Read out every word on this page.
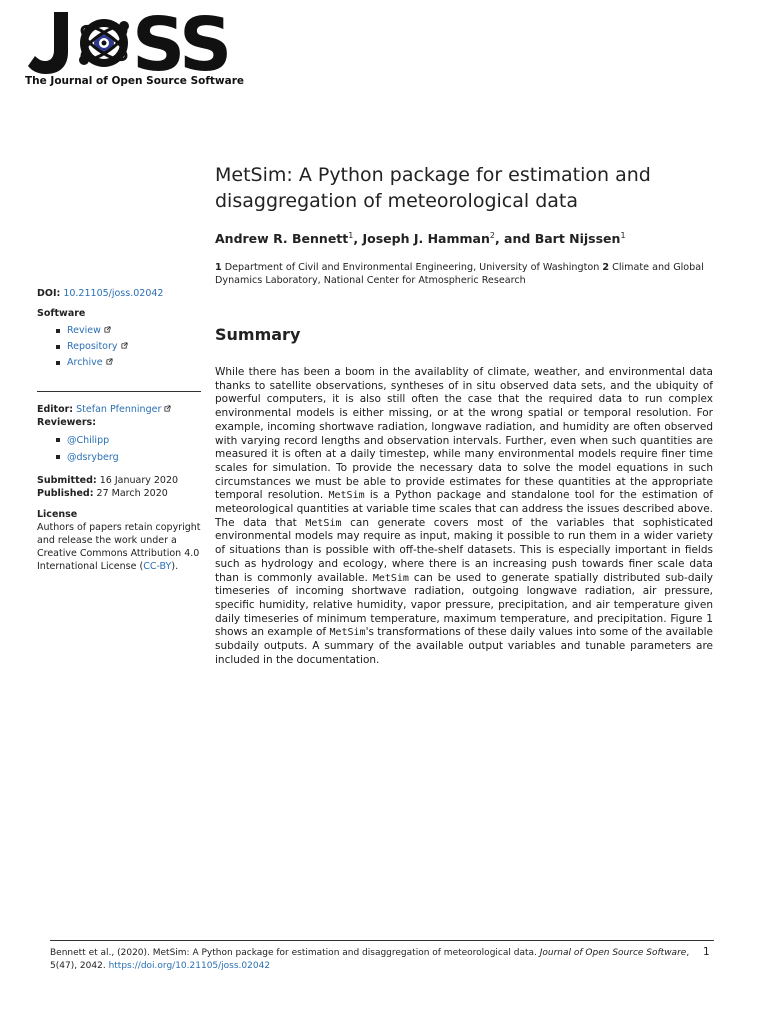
S
S
The Journal of Open Source Software
MetSim: A Python package for estimation and disaggregation of meteorological data
Andrew R. Bennett$^1$, Joseph J. Hamman$^2$, and Bart Nijssen$^1$
1 Department of Civil and Environmental Engineering, University of Washington 2 Climate and Global Dynamics Laboratory, National Center for Atmospheric Research
DOI: 10.21105/joss.02042
Software
Review
Repository
Archive
Editor: Stefan Pfenninger
Reviewers:
@Chilipp
@dsryberg
Submitted: 16 January 2020
Published: 27 March 2020
License
Authors of papers retain copyright and release the work under a Creative Commons Attribution 4.0 International License (CC-BY).
Summary
While there has been a boom in the availablity of climate, weather, and environmental data thanks to satellite observations, syntheses of in situ observed data sets, and the ubiquity of powerful computers, it is also still often the case that the required data to run complex environmental models is either missing, or at the wrong spatial or temporal resolution. For example, incoming shortwave radiation, longwave radiation, and humidity are often observed with varying record lengths and observation intervals. Further, even when such quantities are measured it is often at a daily timestep, while many environmental models require finer time scales for simulation. To provide the necessary data to solve the model equations in such circumstances we must be able to provide estimates for these quantities at the appropriate temporal resolution. MetSim is a Python package and standalone tool for the estimation of meteorological quantities at variable time scales that can address the issues described above. The data that MetSim can generate covers most of the variables that sophisticated environmental models may require as input, making it possible to run them in a wider variety of situations than is possible with off-the-shelf datasets. This is especially important in fields such as hydrology and ecology, where there is an increasing push towards finer scale data than is commonly available. MetSim can be used to generate spatially distributed sub-daily timeseries of incoming shortwave radiation, outgoing longwave radiation, air pressure, specific humidity, relative humidity, vapor pressure, precipitation, and air temperature given daily timeseries of minimum temperature, maximum temperature, and precipitation. Figure 1 shows an example of MetSim's transformations of these daily values into some of the available subdaily outputs. A summary of the available output variables and tunable parameters are included in the documentation.
Bennett et al., (2020). MetSim: A Python package for estimation and disaggregation of meteorological data. Journal of Open Source Software, 5(47), 2042. https://doi.org/10.21105/joss.02042
1
